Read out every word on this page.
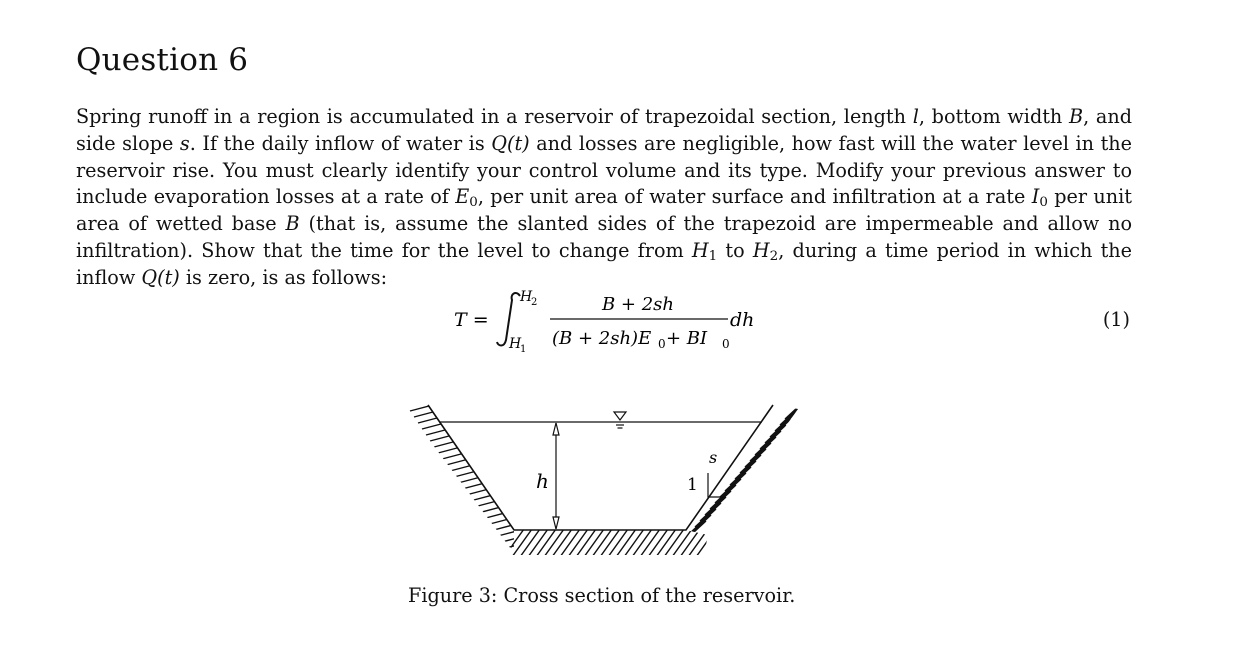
Question 6

Spring runoff in a region is accumulated in a reservoir of trapezoidal section, length l, bottom width B, and side slope s. If the daily inflow of water is Q(t) and losses are negligible, how fast will the water level in the reservoir rise. You must clearly identify your control volume and its type. Modify your previous answer to include evaporation losses at a rate of $E_0$, per unit area of water surface and infiltration at a rate $I_0$ per unit area of wetted base B (that is, assume the slanted sides of the trapezoid are impermeable and allow no infiltration). Show that the time for the level to change from $H_1$ to $H_2$, during a time period in which the inflow Q(t) is zero, is as follows:

T =
H
2
H
1
B + 2sh
(B + 2sh)E 0 + BI 0
dh	(1)
h
s
1

Figure 3: Cross section of the reservoir.
